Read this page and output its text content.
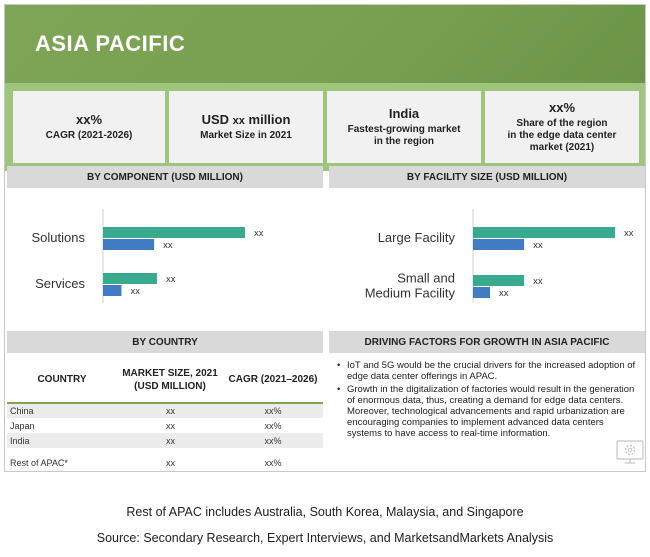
ASIA PACIFIC
xx%
CAGR (2021-2026)
USD xx million
Market Size in 2021
India
Fastest-growing market
in the region
xx%
Share of the region
in the edge data center
market (2021)
BY COMPONENT (USD MILLION)	BY FACILITY SIZE (USD MILLION)
Solutions	xx
xx
Services	xx
xx
Large Facility	xx
xx
Small and
Medium Facility
xx
xx
BY COUNTRY	DRIVING FACTORS FOR GROWTH IN ASIA PACIFIC
COUNTRY	MARKET SIZE, 2021 (USD MILLION)	CAGR (2021–2026)
China	xx	xx%
Japan	xx	xx%
India	xx	xx%
Rest of APAC*	xx	xx%
• IoT and 5G would be the crucial drivers for the increased adoption of edge data center offerings in APAC.
• Growth in the digitalization of factories would result in the generation of enormous data, thus, creating a demand for edge data centers. Moreover, technological advancements and rapid urbanization are encouraging companies to implement advanced data centers systems to have access to real-time information.
Rest of APAC includes Australia, South Korea, Malaysia, and Singapore
Source: Secondary Research, Expert Interviews, and MarketsandMarkets Analysis
